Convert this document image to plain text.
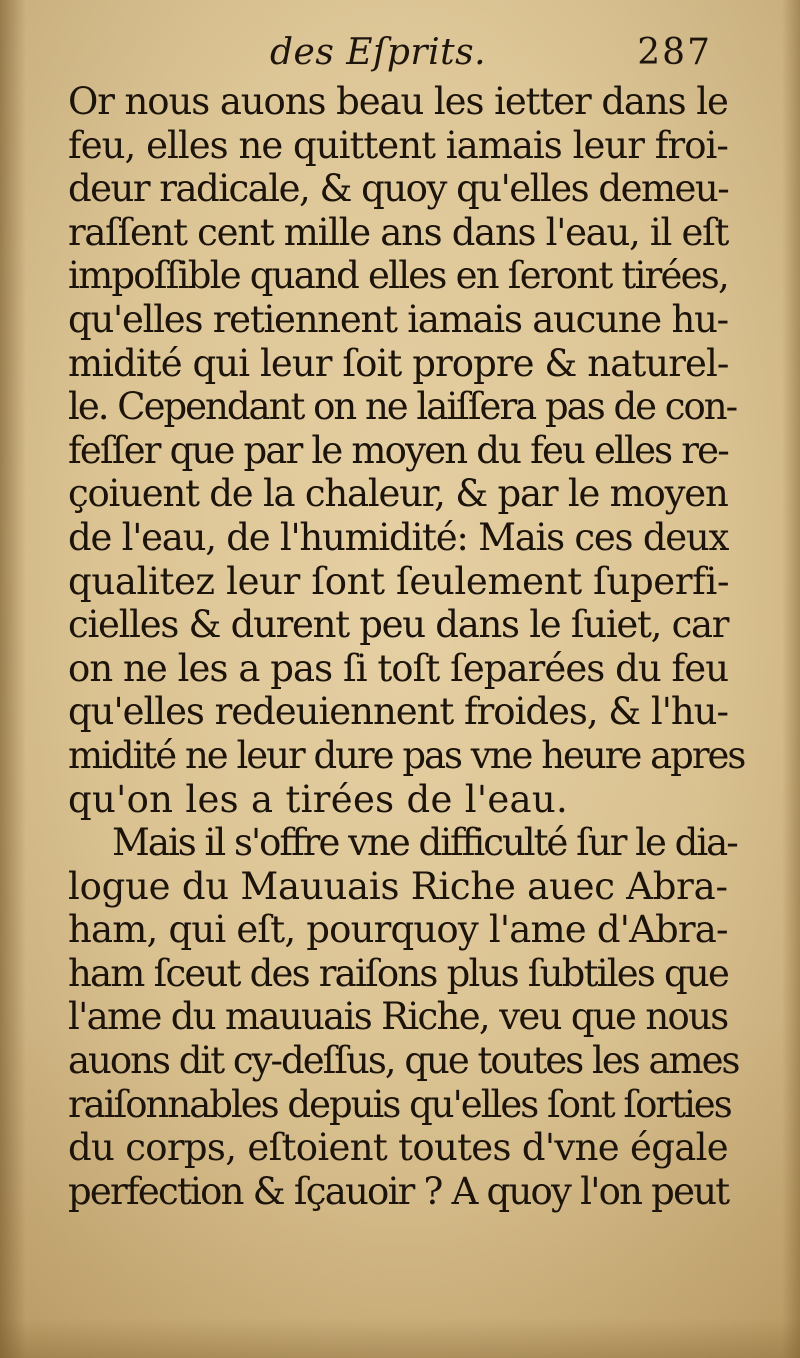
des Eſprits.	287
Or nous auons beau les ietter dans le
feu, elles ne quittent iamais leur froi-
deur radicale, & quoy qu'elles demeu-
raſſent cent mille ans dans l'eau, il eſt
impoſſible quand elles en ſeront tirées,
qu'elles retiennent iamais aucune hu-
midité qui leur ſoit propre & naturel-
le. Cependant on ne laiſſera pas de con-
feſſer que par le moyen du feu elles re-
çoiuent de la chaleur, & par le moyen
de l'eau, de l'humidité: Mais ces deux
qualitez leur ſont ſeulement ſuperfi-
cielles & durent peu dans le ſuiet, car
on ne les a pas ſi toſt ſeparées du feu
qu'elles redeuiennent froides, & l'hu-
midité ne leur dure pas vne heure apres
qu'on les a tirées de l'eau.
Mais il s'offre vne difficulté ſur le dia-
logue du Mauuais Riche auec Abra-
ham, qui eſt, pourquoy l'ame d'Abra-
ham ſceut des raiſons plus ſubtiles que
l'ame du mauuais Riche, veu que nous
auons dit cy-deſſus, que toutes les ames
raiſonnables depuis qu'elles ſont ſorties
du corps, eſtoient toutes d'vne égale
perfection & ſçauoir ? A quoy l'on peut
